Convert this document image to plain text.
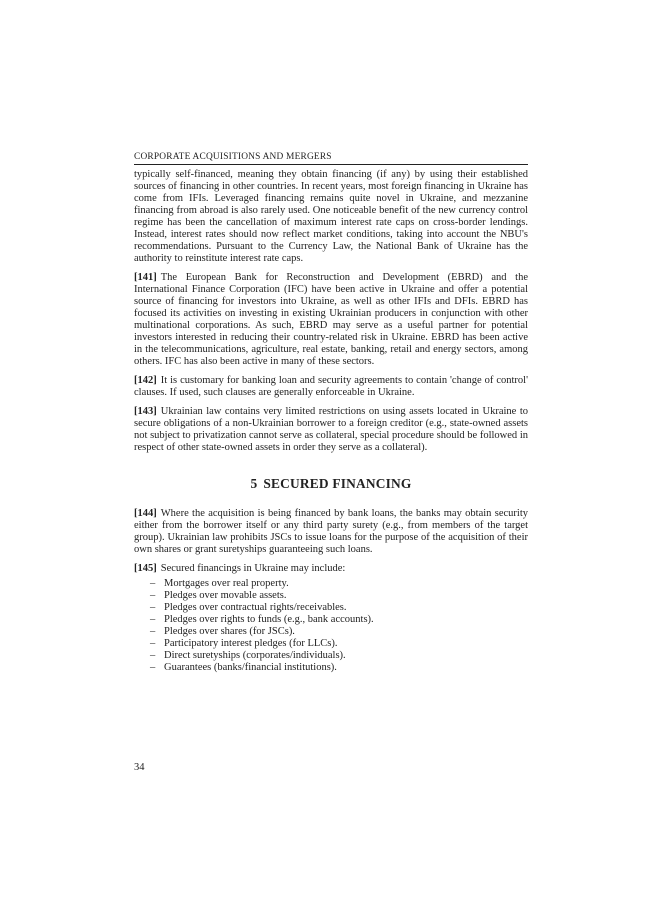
CORPORATE ACQUISITIONS AND MERGERS

typically self-financed, meaning they obtain financing (if any) by using their established sources of financing in other countries. In recent years, most foreign financing in Ukraine has come from IFIs. Leveraged financing remains quite novel in Ukraine, and mezzanine financing from abroad is also rarely used. One noticeable benefit of the new currency control regime has been the cancellation of maximum interest rate caps on cross-border lendings. Instead, interest rates should now reflect market conditions, taking into account the NBU's recommendations. Pursuant to the Currency Law, the National Bank of Ukraine has the authority to reinstitute interest rate caps.

[141] The European Bank for Reconstruction and Development (EBRD) and the International Finance Corporation (IFC) have been active in Ukraine and offer a potential source of financing for investors into Ukraine, as well as other IFIs and DFIs. EBRD has focused its activities on investing in existing Ukrainian producers in conjunction with other multinational corporations. As such, EBRD may serve as a useful partner for potential investors interested in reducing their country-related risk in Ukraine. EBRD has been active in the telecommunications, agriculture, real estate, banking, retail and energy sectors, among others. IFC has also been active in many of these sectors.

[142] It is customary for banking loan and security agreements to contain 'change of control' clauses. If used, such clauses are generally enforceable in Ukraine.

[143] Ukrainian law contains very limited restrictions on using assets located in Ukraine to secure obligations of a non-Ukrainian borrower to a foreign creditor (e.g., state-owned assets not subject to privatization cannot serve as collateral, special procedure should be followed in respect of other state-owned assets in order they serve as a collateral).

5 SECURED FINANCING

[144] Where the acquisition is being financed by bank loans, the banks may obtain security either from the borrower itself or any third party surety (e.g., from members of the target group). Ukrainian law prohibits JSCs to issue loans for the purpose of the acquisition of their own shares or grant suretyships guaranteeing such loans.

[145] Secured financings in Ukraine may include:

– Mortgages over real property.
– Pledges over movable assets.
– Pledges over contractual rights/receivables.
– Pledges over rights to funds (e.g., bank accounts).
– Pledges over shares (for JSCs).
– Participatory interest pledges (for LLCs).
– Direct suretyships (corporates/individuals).
– Guarantees (banks/financial institutions).
34
